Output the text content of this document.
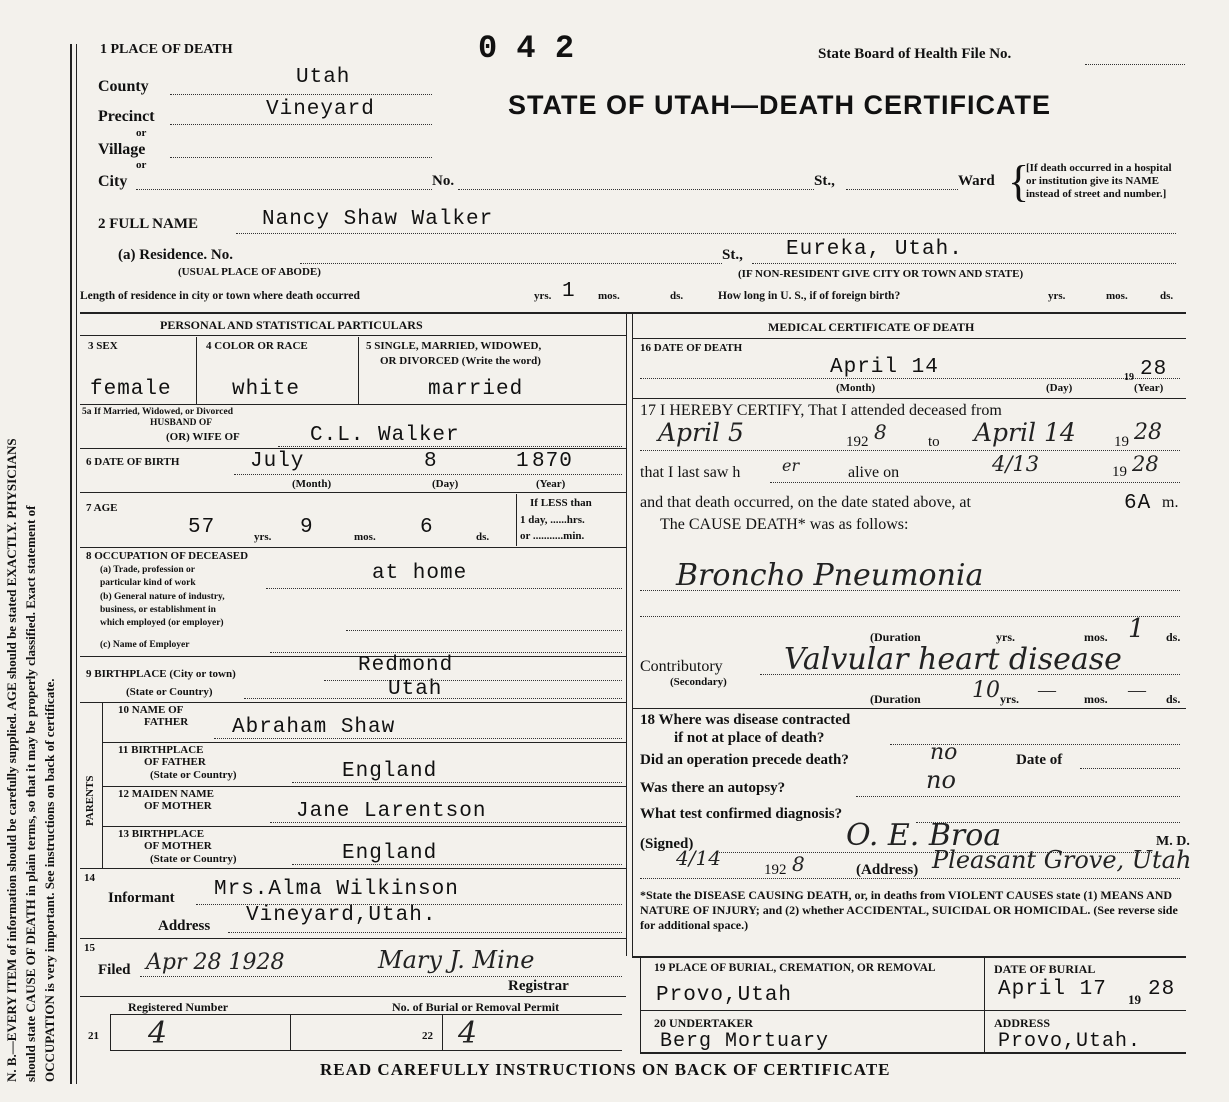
N. B.—EVERY ITEM of information should be carefully supplied. AGE should be stated EXACTLY. PHYSICIANS should state CAUSE OF DEATH in plain terms, so that it may be properly classified. Exact statement of OCCUPATION is very important. See instructions on back of certificate.
1 PLACE OF DEATH	0 4 2	State Board of Health File No.
STATE OF UTAH—DEATH CERTIFICATE
County	Utah
Precinct	Vineyard
or
Village
or
City	No.	St.,	Ward {
[If death occurred in a hospital or institution give its NAME instead of street and number.]
2 FULL NAME	Nancy Shaw Walker
(a) Residence. No.	St., Eureka, Utah.
(USUAL PLACE OF ABODE)	(IF NON-RESIDENT GIVE CITY OR TOWN AND STATE)
Length of residence in city or town where death occurred	yrs. 1 mos.	ds.	How long in U. S., if of foreign birth?	yrs.	mos.	ds.
PERSONAL AND STATISTICAL PARTICULARS	MEDICAL CERTIFICATE OF DEATH
3 SEX	4 COLOR OR RACE	5 SINGLE, MARRIED, WIDOWED,
OR DIVORCED (Write the word)
female	white	married
5a If Married, Widowed, or Divorced
HUSBAND OF
(OR) WIFE OF	C.L. Walker
6 DATE OF BIRTH	July	8	1 870
(Month)	(Day)	(Year)
7 AGE
57	yrs. 9	mos. 6	ds.
If LESS than
1 day, ......hrs.
or ...........min.
8 OCCUPATION OF DECEASED
(a) Trade, profession or
particular kind of work	at home
(b) General nature of industry,
business, or establishment in
which employed (or employer)
(c) Name of Employer
9 BIRTHPLACE (City or town)	Redmond
(State or Country)	Utah
PARENTS
10 NAME OF
FATHER Abraham Shaw
11 BIRTHPLACE
OF FATHER
(State or Country)	England
12 MAIDEN NAME
OF MOTHER	Jane Larentson
13 BIRTHPLACE
OF MOTHER
(State or Country)	England
14
Informant Mrs.Alma Wilkinson
Address Vineyard,Utah.
15
Filed Apr 28 1928	Mary J. Mine
Registrar
Registered Number	No. of Burial or Removal Permit
21 4	22 4
16 DATE OF DEATH
April 14	19 28
(Month)	(Day)	(Year)
17 I HEREBY CERTIFY, That I attended deceased from
April 5	192 8	to April 14	19 28
that I last saw h	er	alive on	4/13	19 28
and that death occurred, on the date stated above, at	6A m.
The CAUSE DEATH* was as follows:
Broncho Pneumonia
(Duration	yrs.	mos. 1 ds.
Contributory
(Secondary)
Valvular heart disease
(Duration 10 yrs. — mos. — ds.
18 Where was disease contracted
if not at place of death?
Did an operation precede death?	no	Date of
Was there an autopsy?	no
What test confirmed diagnosis?
(Signed)	O. E. Broa	M. D.
4/14	192 8	(Address) Pleasant Grove, Utah
*State the DISEASE CAUSING DEATH, or, in deaths from VIOLENT CAUSES state (1) MEANS AND NATURE OF INJURY; and (2) whether ACCIDENTAL, SUICIDAL OR HOMICIDAL. (See reverse side for additional space.)
19 PLACE OF BURIAL, CREMATION, OR REMOVAL
Provo,Utah
DATE OF BURIAL
April 17 19 28
20 UNDERTAKER
Berg Mortuary
ADDRESS
Provo,Utah.
READ CAREFULLY INSTRUCTIONS ON BACK OF CERTIFICATE
